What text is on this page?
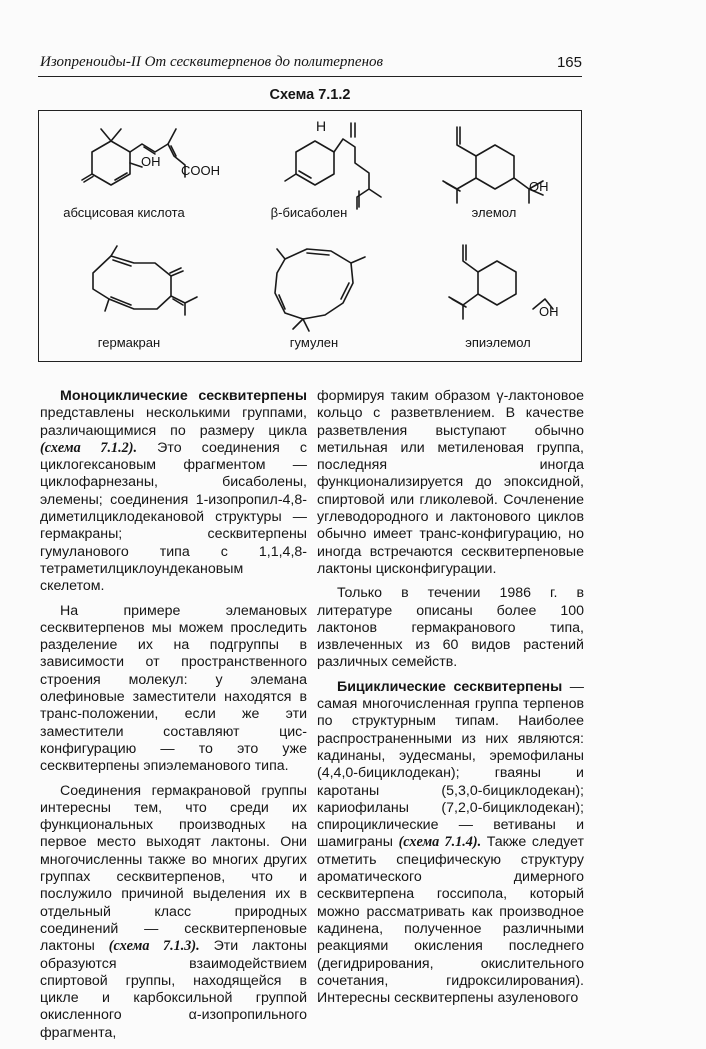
Изопреноиды-II От сесквитерпенов до политерпенов	165
Схема 7.1.2
OH
COOH
H
OH
OH
абсцисовая кислота	β-бисаболен	элемол
гермакран	гумулен	эпиэлемол

Моноциклические сесквитерпены представлены несколькими группами, различающимися по размеру цикла (схема 7.1.2). Это соединения с циклогексановым фрагментом — циклофарнезаны, бисаболены, элемены; соединения 1-изопропил-4,8-диметилциклодекановой структуры — гермакраны; сесквитерпены гумуланового типа с 1,1,4,8-тетраметилциклоундекановым скелетом.

На примере элемановых сесквитерпенов мы можем проследить разделение их на подгруппы в зависимости от пространственного строения молекул: у элемана олефиновые заместители находятся в транс-положении, если же эти заместители составляют цис-конфигурацию — то это уже сесквитерпены эпиэлеманового типа.

Соединения гермакрановой группы интересны тем, что среди их функциональных производных на первое место выходят лактоны. Они многочисленны также во многих других группах сесквитерпенов, что и послужило причиной выделения их в отдельный класс природных соединений — сесквитерпеновые лактоны (схема 7.1.3). Эти лактоны образуются взаимодействием спиртовой группы, находящейся в цикле и карбоксильной группой окисленного α-изопропильного фрагмента,

формируя таким образом γ-лактоновое кольцо с разветвлением. В качестве разветвления выступают обычно метильная или метиленовая группа, последняя иногда функционализируется до эпоксидной, спиртовой или гликолевой. Сочленение углеводородного и лактонового циклов обычно имеет транс-конфигурацию, но иногда встречаются сесквитерпеновые лактоны цисконфигурации.

Только в течении 1986 г. в литературе описаны более 100 лактонов гермакранового типа, извлеченных из 60 видов растений различных семейств.

Бициклические сесквитерпены — самая многочисленная группа терпенов по структурным типам. Наиболее распространенными из них являются: кадинаны, эудесманы, эремофиланы (4,4,0-бициклодекан); гваяны и каротаны (5,3,0-бициклодекан); кариофиланы (7,2,0-бициклодекан); спироциклические — ветиваны и шамиграны (схема 7.1.4). Также следует отметить специфическую структуру ароматического димерного сесквитерпена госсипола, который можно рассматривать как производное кадинена, полученное различными реакциями окисления последнего (дегидрирования, окислительного сочетания, гидроксилирования). Интересны сесквитерпены азуленового
